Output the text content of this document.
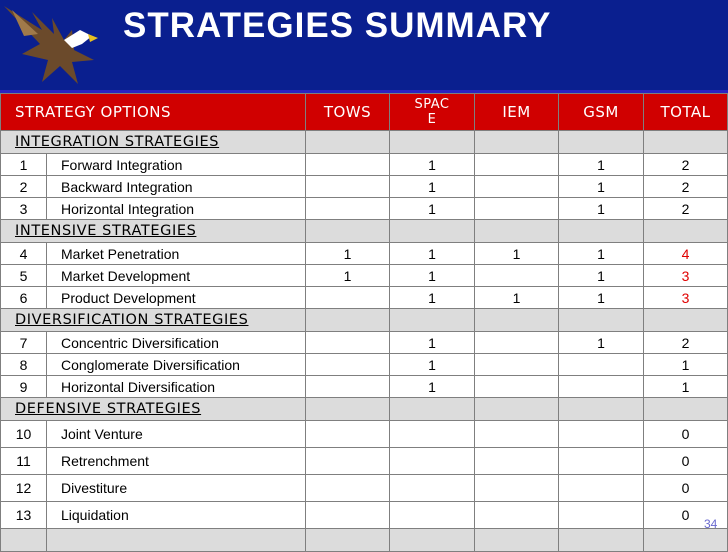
STRATEGIES SUMMARY
STRATEGY OPTIONS		TOWS	SPACE	IEM	GSM	TOTAL
INTEGRATION STRATEGIES						
1	Forward Integration		1		1	2
2	Backward Integration		1		1	2
3	Horizontal Integration		1		1	2
INTENSIVE STRATEGIES						
4	Market Penetration	1	1	1	1	4
5	Market Development	1	1		1	3
6	Product Development		1	1	1	3
DIVERSIFICATION STRATEGIES						
7	Concentric Diversification		1		1	2
8	Conglomerate Diversification		1			1
9	Horizontal Diversification		1			1
DEFENSIVE STRATEGIES						
10	Joint Venture					0
11	Retrenchment					0
12	Divestiture					0
13	Liquidation					0

34
